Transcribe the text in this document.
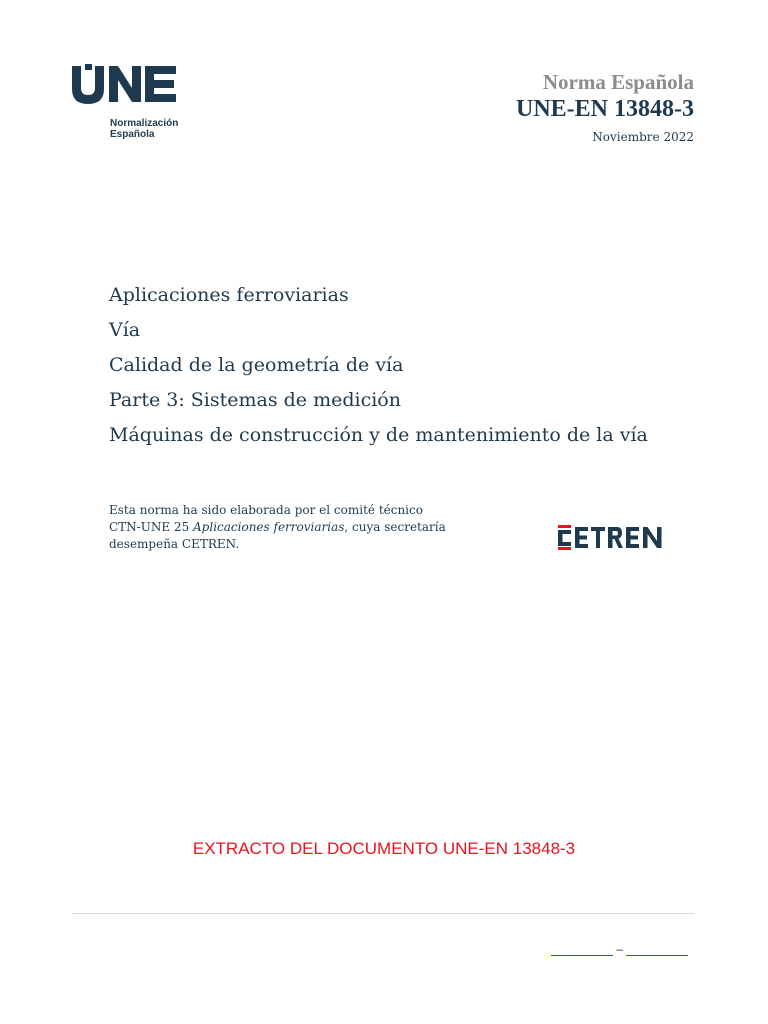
Normalización
Española
Norma Española
UNE-EN 13848-3
Noviembre 2022
Aplicaciones ferroviarias
Vía
Calidad de la geometría de vía
Parte 3: Sistemas de medición
Máquinas de construcción y de mantenimiento de la vía
Esta norma ha sido elaborada por el comité técnico
CTN-UNE 25 Aplicaciones ferroviarias, cuya secretaría
desempeña CETREN.
EXTRACTO DEL DOCUMENTO UNE-EN 13848-3
–
